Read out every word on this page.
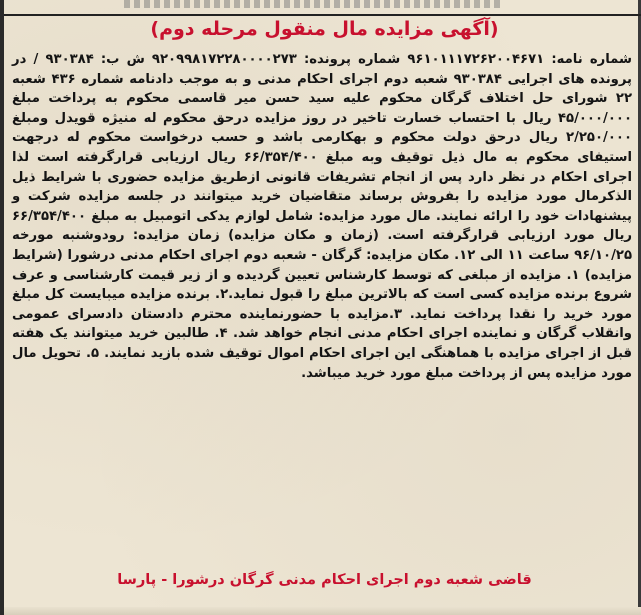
(آگهی مزایده مال منقول مرحله دوم)

شماره نامه: ۹۶۱۰۱۱۱۷۲۶۲۰۰۴۶۷۱ شماره پرونده: ۹۲۰۹۹۸۱۷۲۲۸۰۰۰۰۲۷۳ ش ب: ۹۳۰۳۸۴ / در پرونده های اجرایی ۹۳۰۳۸۴ شعبه دوم اجرای احکام مدنی و به موجب دادنامه شماره ۴۳۶ شعبه ۲۲ شورای حل اختلاف گرگان محکوم علیه سید حسن میر قاسمی محکوم به پرداخت مبلغ ۴۵/۰۰۰/۰۰۰ ریال با احتساب خسارت تاخیر در روز مزایده درحق محکوم له منیژه قویدل ومبلغ ۲/۲۵۰/۰۰۰ ریال درحق دولت محکوم و بهکارمی باشد و حسب درخواست محکوم له درجهت استیفای محکوم به مال ذیل توقیف وبه مبلغ ۶۶/۳۵۴/۴۰۰ ریال ارزیابی قرارگرفته است لذا اجرای احکام در نظر دارد پس از انجام تشریفات قانونی ازطریق مزایده حضوری با شرایط ذیل الذکرمال مورد مزایده را بفروش برساند متقاضیان خرید میتوانند در جلسه مزایده شرکت و پیشنهادات خود را ارائه نمایند. مال مورد مزایده: شامل لوازم یدکی اتومبیل به مبلغ ۶۶/۳۵۴/۴۰۰ ریال مورد ارزیابی قرارگرفته است. (زمان و مکان مزایده) زمان مزایده: رودوشنبه مورخه ۹۶/۱۰/۲۵ ساعت ۱۱ الی ۱۲. مکان مزایده: گرگان - شعبه دوم اجرای احکام مدنی درشورا (شرایط مزایده) ۱. مزایده از مبلغی که توسط کارشناس تعیین گردیده و از زیر قیمت کارشناسی و عرف شروع برنده مزایده کسی است که بالاترین مبلغ را قبول نماید.۲. برنده مزایده میبایست کل مبلغ مورد خرید را نقدا پرداخت نماید. ۳.مزایده با حضورنماینده محترم دادستان دادسرای عمومی وانقلاب گرگان و نماینده اجرای احکام مدنی انجام خواهد شد. ۴. طالبین خرید میتوانند یک هفته قبل از اجرای مزایده با هماهنگی این اجرای احکام اموال توقیف شده بازید نمایند. ۵. تحویل مال مورد مزایده پس از پرداخت مبلغ مورد خرید میباشد.

قاضی شعبه دوم اجرای احکام مدنی گرگان درشورا - پارسا
